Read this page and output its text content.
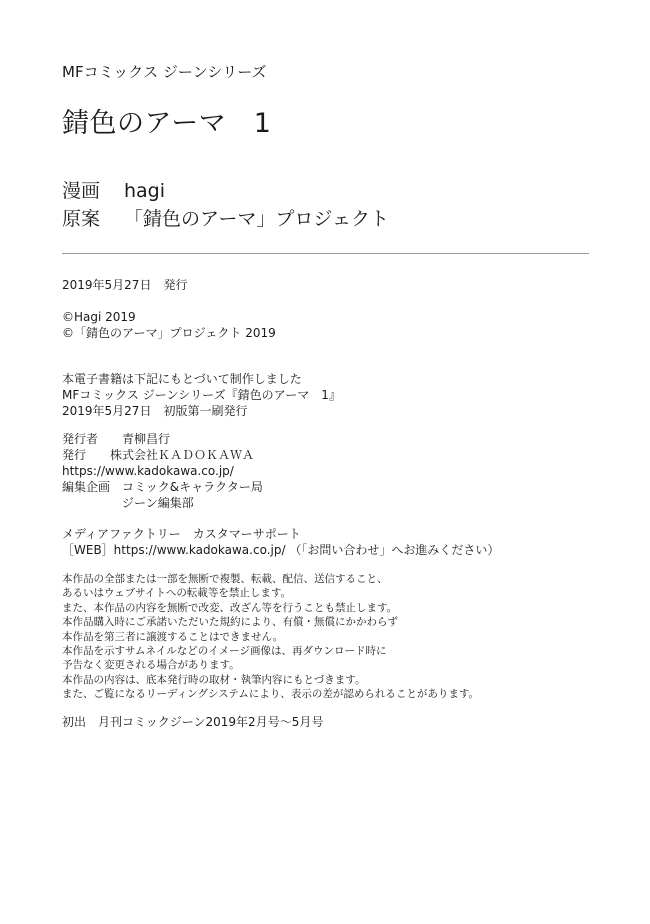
MFコミックス ジーンシリーズ
錆色のアーマ　1
漫画 hagi
原案 「錆色のアーマ」プロジェクト
2019年5月27日　発行
©Hagi 2019
©「錆色のアーマ」プロジェクト 2019
本電子書籍は下記にもとづいて制作しました
MFコミックス ジーンシリーズ『錆色のアーマ　1』
2019年5月27日　初版第一刷発行
発行者 青柳昌行
発行 株式会社ＫＡＤＯＫＡＷＡ
https://www.kadokawa.co.jp/
編集企画 コミック&キャラクター局
ジーン編集部
メディアファクトリー　カスタマーサポート
［WEB］https://www.kadokawa.co.jp/ （「お問い合わせ」へお進みください）
本作品の全部または一部を無断で複製、転載、配信、送信すること、
あるいはウェブサイトへの転載等を禁止します。
また、本作品の内容を無断で改変、改ざん等を行うことも禁止します。
本作品購入時にご承諾いただいた規約により、有償・無償にかかわらず
本作品を第三者に譲渡することはできません。
本作品を示すサムネイルなどのイメージ画像は、再ダウンロード時に
予告なく変更される場合があります。
本作品の内容は、底本発行時の取材・執筆内容にもとづきます。
また、ご覧になるリーディングシステムにより、表示の差が認められることがあります。
初出　月刊コミックジーン2019年2月号～5月号
